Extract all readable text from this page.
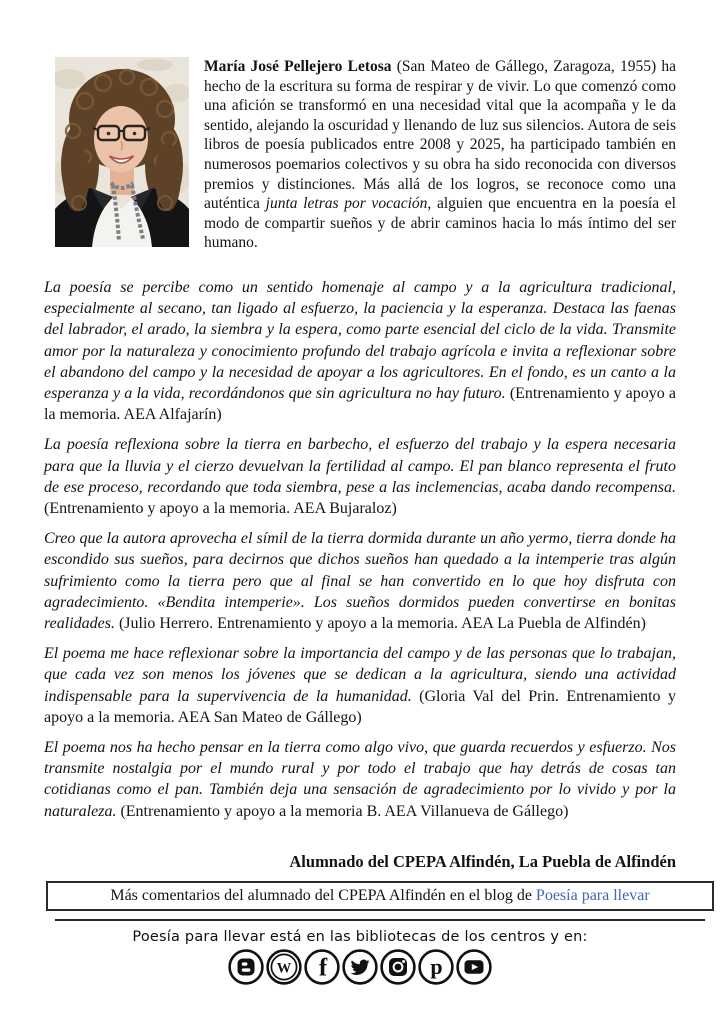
María José Pellejero Letosa (San Mateo de Gállego, Zaragoza, 1955) ha hecho de la escritura su forma de respirar y de vivir. Lo que comenzó como una afición se transformó en una necesidad vital que la acompaña y le da sentido, alejando la oscuridad y llenando de luz sus silencios. Autora de seis libros de poesía publicados entre 2008 y 2025, ha participado también en numerosos poemarios colectivos y su obra ha sido reconocida con diversos premios y distinciones. Más allá de los logros, se reconoce como una auténtica junta letras por vocación, alguien que encuentra en la poesía el modo de compartir sueños y de abrir caminos hacia lo más íntimo del ser humano.

La poesía se percibe como un sentido homenaje al campo y a la agricultura tradicional, especialmente al secano, tan ligado al esfuerzo, la paciencia y la esperanza. Destaca las faenas del labrador, el arado, la siembra y la espera, como parte esencial del ciclo de la vida. Transmite amor por la naturaleza y conocimiento profundo del trabajo agrícola e invita a reflexionar sobre el abandono del campo y la necesidad de apoyar a los agricultores. En el fondo, es un canto a la esperanza y a la vida, recordándonos que sin agricultura no hay futuro. (Entrenamiento y apoyo a la memoria. AEA Alfajarín)

La poesía reflexiona sobre la tierra en barbecho, el esfuerzo del trabajo y la espera necesaria para que la lluvia y el cierzo devuelvan la fertilidad al campo. El pan blanco representa el fruto de ese proceso, recordando que toda siembra, pese a las inclemencias, acaba dando recompensa. (Entrenamiento y apoyo a la memoria. AEA Bujaraloz)

Creo que la autora aprovecha el símil de la tierra dormida durante un año yermo, tierra donde ha escondido sus sueños, para decirnos que dichos sueños han quedado a la intemperie tras algún sufrimiento como la tierra pero que al final se han convertido en lo que hoy disfruta con agradecimiento. «Bendita intemperie». Los sueños dormidos pueden convertirse en bonitas realidades. (Julio Herrero. Entrenamiento y apoyo a la memoria. AEA La Puebla de Alfindén)

El poema me hace reflexionar sobre la importancia del campo y de las personas que lo trabajan, que cada vez son menos los jóvenes que se dedican a la agricultura, siendo una actividad indispensable para la supervivencia de la humanidad. (Gloria Val del Prin. Entrenamiento y apoyo a la memoria. AEA San Mateo de Gállego)

El poema nos ha hecho pensar en la tierra como algo vivo, que guarda recuerdos y esfuerzo. Nos transmite nostalgia por el mundo rural y por todo el trabajo que hay detrás de cosas tan cotidianas como el pan. También deja una sensación de agradecimiento por lo vivido y por la naturaleza. (Entrenamiento y apoyo a la memoria B. AEA Villanueva de Gállego)

Alumnado del CPEPA Alfindén, La Puebla de Alfindén

Más comentarios del alumnado del CPEPA Alfindén en el blog de Poesía para llevar

Poesía para llevar está en las bibliotecas de los centros y en:

W f	p
